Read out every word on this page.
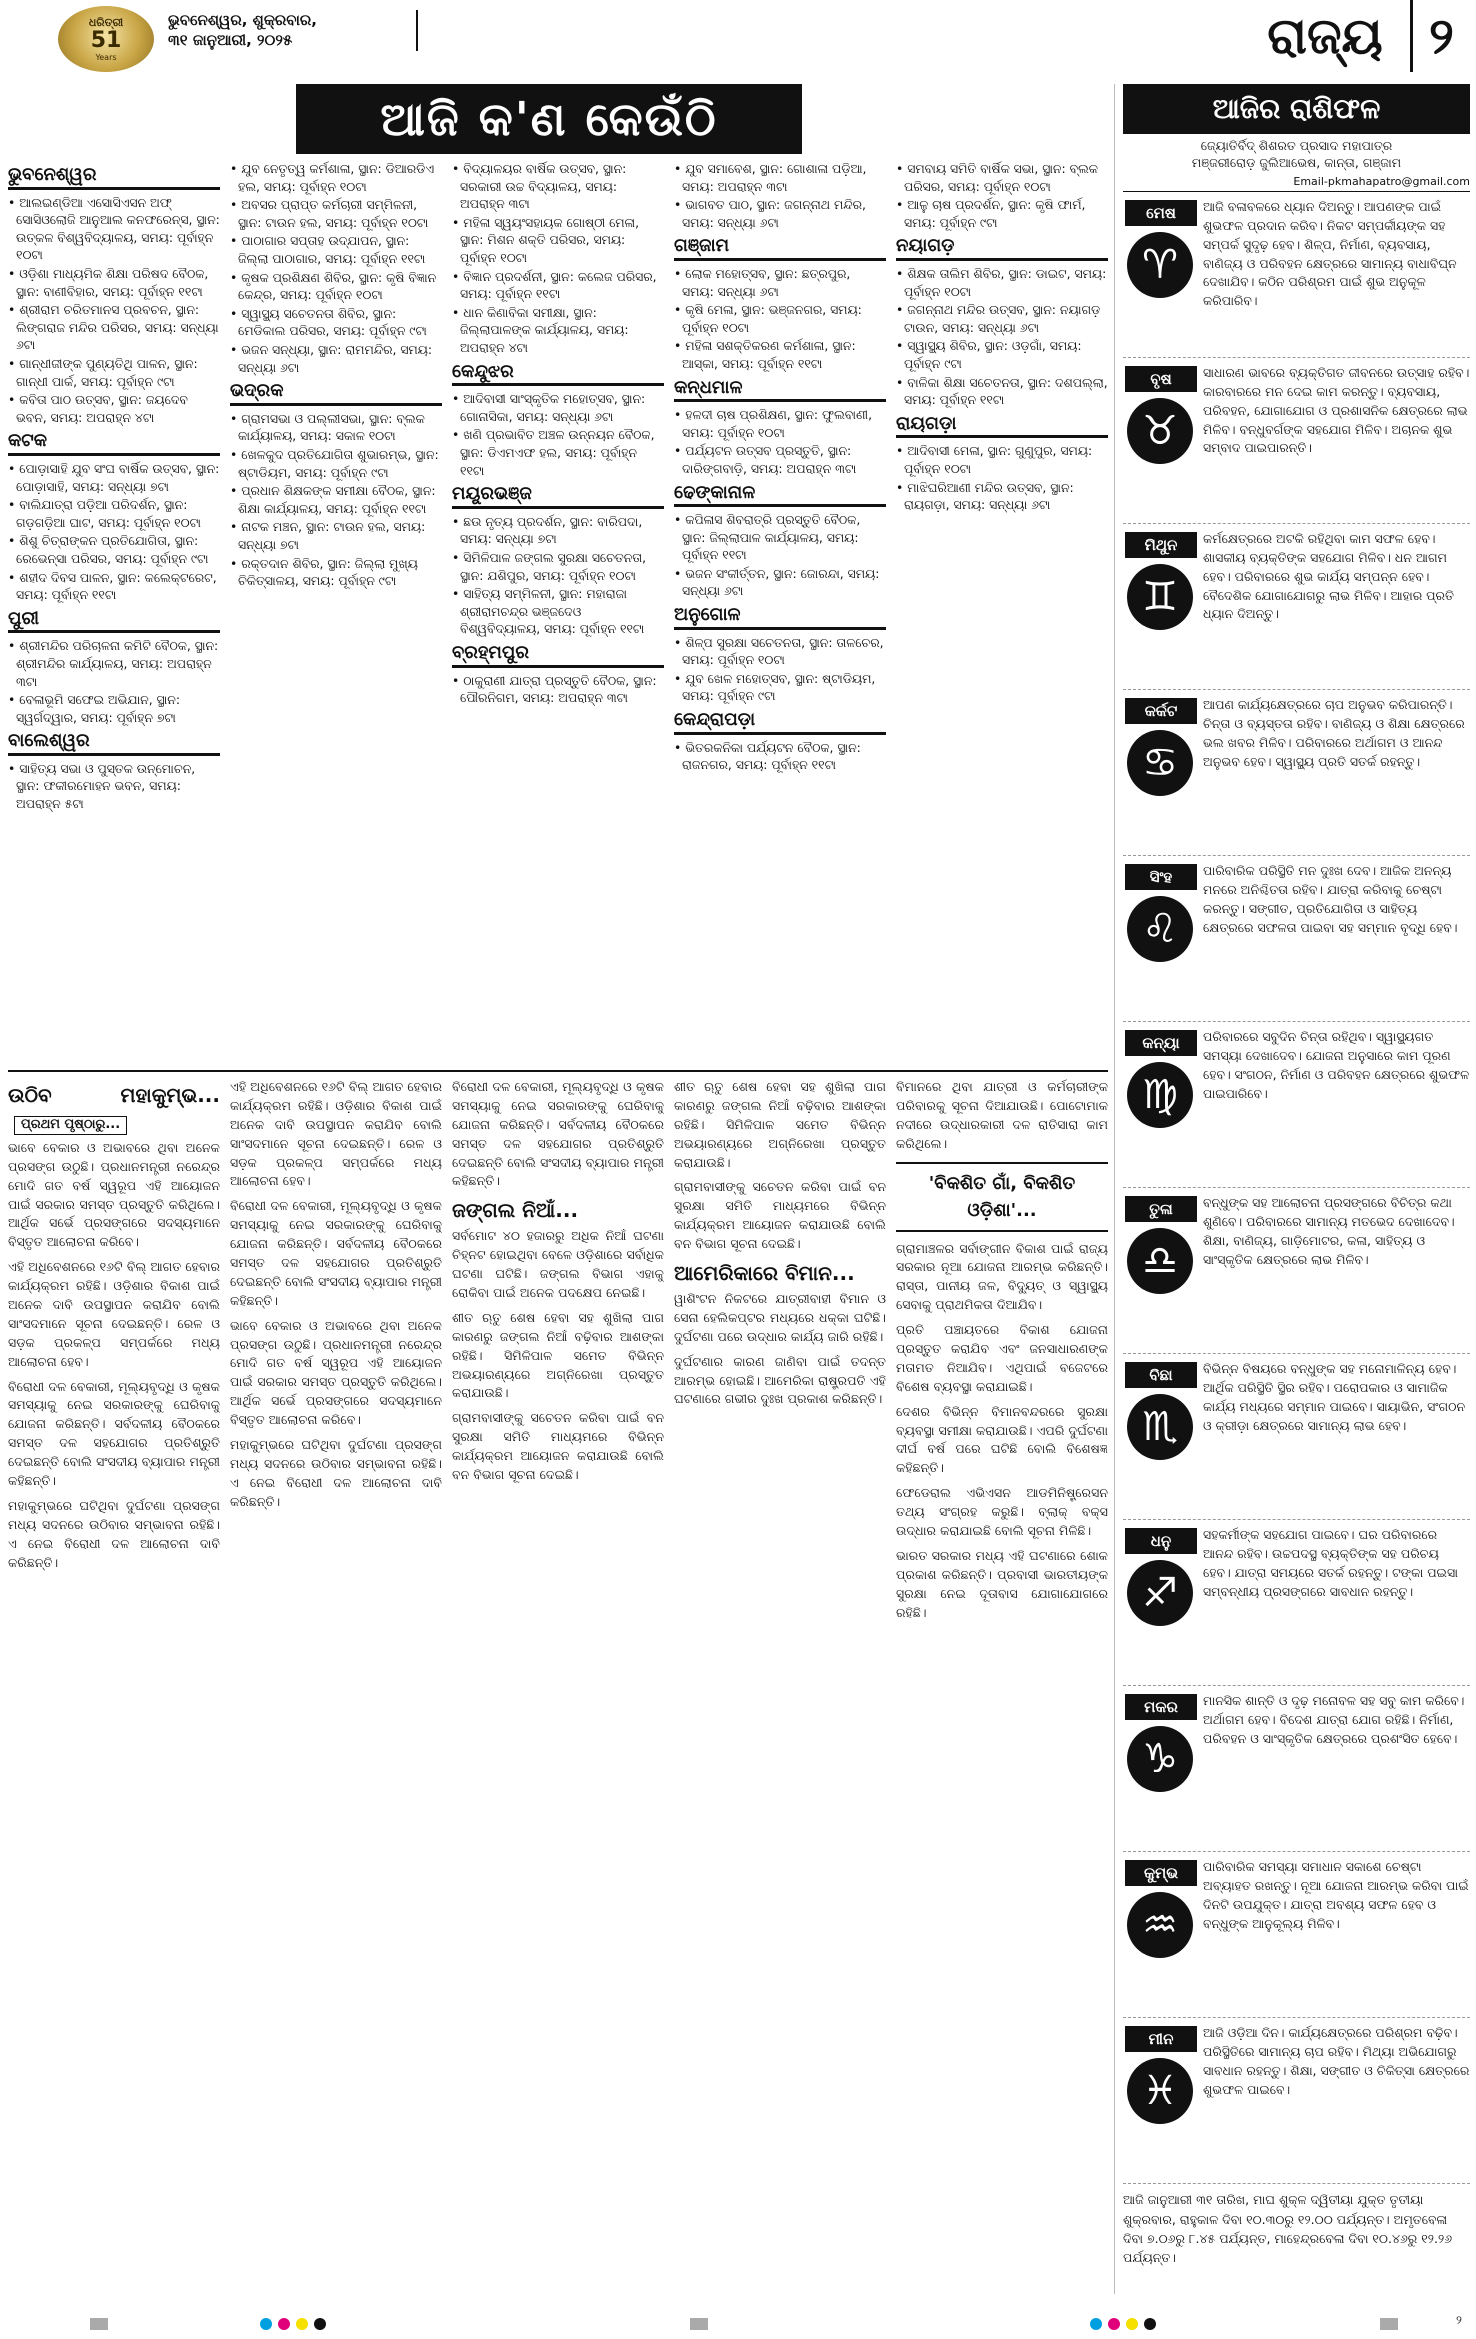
ଧରିତ୍ରୀ
51
Years
ଭୁବନେଶ୍ୱର, ଶୁକ୍ରବାର,
୩୧ ଜାନୁଆରୀ, ୨୦୨୫	ରାଜ୍ୟ ୨
ଆଜି କ'ଣ କେଉଁଠି
ଭୁବନେଶ୍ୱର
• ଆଲଇଣ୍ଡିଆ ଏସୋସିଏସନ ଅଫ୍ ସୋସିଓଲୋଜି ଆନୁଆଲ କନଫରେନ୍ସ, ସ୍ଥାନ: ଉତ୍କଳ ବିଶ୍ୱବିଦ୍ୟାଳୟ, ସମୟ: ପୂର୍ବାହ୍ନ ୧୦ଟା
• ଓଡ଼ିଶା ମାଧ୍ୟମିକ ଶିକ୍ଷା ପରିଷଦ ବୈଠକ, ସ୍ଥାନ: ବାଣୀବିହାର, ସମୟ: ପୂର୍ବାହ୍ନ ୧୧ଟା
• ଶ୍ରୀରାମ ଚରିତମାନସ ପ୍ରବଚନ, ସ୍ଥାନ: ଲିଙ୍ଗରାଜ ମନ୍ଦିର ପରିସର, ସମୟ: ସନ୍ଧ୍ୟା ୬ଟା
• ଗାନ୍ଧୀଜୀଙ୍କ ପୁଣ୍ୟତିଥି ପାଳନ, ସ୍ଥାନ: ଗାନ୍ଧୀ ପାର୍କ, ସମୟ: ପୂର୍ବାହ୍ନ ୯ଟା
• କବିତା ପାଠ ଉତ୍ସବ, ସ୍ଥାନ: ଜୟଦେବ ଭବନ, ସମୟ: ଅପରାହ୍ନ ୪ଟା
କଟକ
• ପୋଡ଼ାସାହି ଯୁବ ସଂଘ ବାର୍ଷିକ ଉତ୍ସବ, ସ୍ଥାନ: ପୋଡ଼ାସାହି, ସମୟ: ସନ୍ଧ୍ୟା ୭ଟା
• ବାଲିଯାତ୍ରା ପଡ଼ିଆ ପରିଦର୍ଶନ, ସ୍ଥାନ: ଗଡ଼ଗଡ଼ିଆ ଘାଟ, ସମୟ: ପୂର୍ବାହ୍ନ ୧୦ଟା
• ଶିଶୁ ଚିତ୍ରାଙ୍କନ ପ୍ରତିଯୋଗିତା, ସ୍ଥାନ: ରେଭେନ୍ସା ପରିସର, ସମୟ: ପୂର୍ବାହ୍ନ ୯ଟା
• ଶହୀଦ ଦିବସ ପାଳନ, ସ୍ଥାନ: କଲେକ୍ଟରେଟ, ସମୟ: ପୂର୍ବାହ୍ନ ୧୧ଟା
ପୁରୀ
• ଶ୍ରୀମନ୍ଦିର ପରିଚାଳନା କମିଟି ବୈଠକ, ସ୍ଥାନ: ଶ୍ରୀମନ୍ଦିର କାର୍ଯ୍ୟାଳୟ, ସମୟ: ଅପରାହ୍ନ ୩ଟା
• ବେଳାଭୂମି ସଫେଇ ଅଭିଯାନ, ସ୍ଥାନ: ସ୍ୱର୍ଗଦ୍ୱାର, ସମୟ: ପୂର୍ବାହ୍ନ ୭ଟା
ବାଲେଶ୍ୱର
• ସାହିତ୍ୟ ସଭା ଓ ପୁସ୍ତକ ଉନ୍ମୋଚନ, ସ୍ଥାନ: ଫକୀରମୋହନ ଭବନ, ସମୟ: ଅପରାହ୍ନ ୫ଟା
• ଯୁବ ନେତୃତ୍ୱ କର୍ମଶାଳା, ସ୍ଥାନ: ଡିଆରଡିଏ ହଲ, ସମୟ: ପୂର୍ବାହ୍ନ ୧୦ଟା
• ଅବସର ପ୍ରାପ୍ତ କର୍ମଚାରୀ ସମ୍ମିଳନୀ, ସ୍ଥାନ: ଟାଉନ ହଲ, ସମୟ: ପୂର୍ବାହ୍ନ ୧୦ଟା
• ପାଠାଗାର ସପ୍ତାହ ଉଦ୍‌ଯାପନ, ସ୍ଥାନ: ଜିଲ୍ଲା ପାଠାଗାର, ସମୟ: ପୂର୍ବାହ୍ନ ୧୧ଟା
• କୃଷକ ପ୍ରଶିକ୍ଷଣ ଶିବିର, ସ୍ଥାନ: କୃଷି ବିଜ୍ଞାନ କେନ୍ଦ୍ର, ସମୟ: ପୂର୍ବାହ୍ନ ୧୦ଟା
• ସ୍ୱାସ୍ଥ୍ୟ ସଚେତନତା ଶିବିର, ସ୍ଥାନ: ମେଡିକାଲ ପରିସର, ସମୟ: ପୂର୍ବାହ୍ନ ୯ଟା
• ଭଜନ ସନ୍ଧ୍ୟା, ସ୍ଥାନ: ରାମମନ୍ଦିର, ସମୟ: ସନ୍ଧ୍ୟା ୬ଟା
ଭଦ୍ରକ
• ଗ୍ରାମସଭା ଓ ପଲ୍ଲୀସଭା, ସ୍ଥାନ: ବ୍ଲକ କାର୍ଯ୍ୟାଳୟ, ସମୟ: ସକାଳ ୧୦ଟା
• ଖେଳକୁଦ ପ୍ରତିଯୋଗିତା ଶୁଭାରମ୍ଭ, ସ୍ଥାନ: ଷ୍ଟାଡିୟମ, ସମୟ: ପୂର୍ବାହ୍ନ ୯ଟା
• ପ୍ରଧାନ ଶିକ୍ଷକଙ୍କ ସମୀକ୍ଷା ବୈଠକ, ସ୍ଥାନ: ଶିକ୍ଷା କାର୍ଯ୍ୟାଳୟ, ସମୟ: ପୂର୍ବାହ୍ନ ୧୧ଟା
• ନାଟକ ମଞ୍ଚନ, ସ୍ଥାନ: ଟାଉନ ହଲ, ସମୟ: ସନ୍ଧ୍ୟା ୭ଟା
• ରକ୍ତଦାନ ଶିବିର, ସ୍ଥାନ: ଜିଲ୍ଲା ମୁଖ୍ୟ ଚିକିତ୍ସାଳୟ, ସମୟ: ପୂର୍ବାହ୍ନ ୯ଟା
• ବିଦ୍ୟାଳୟର ବାର୍ଷିକ ଉତ୍ସବ, ସ୍ଥାନ: ସରକାରୀ ଉଚ୍ଚ ବିଦ୍ୟାଳୟ, ସମୟ: ଅପରାହ୍ନ ୩ଟା
• ମହିଳା ସ୍ୱୟଂସହାୟକ ଗୋଷ୍ଠୀ ମେଳା, ସ୍ଥାନ: ମିଶନ ଶକ୍ତି ପରିସର, ସମୟ: ପୂର୍ବାହ୍ନ ୧୦ଟା
• ବିଜ୍ଞାନ ପ୍ରଦର୍ଶନୀ, ସ୍ଥାନ: କଲେଜ ପରିସର, ସମୟ: ପୂର୍ବାହ୍ନ ୧୧ଟା
• ଧାନ କିଣାବିକା ସମୀକ୍ଷା, ସ୍ଥାନ: ଜିଲ୍ଲାପାଳଙ୍କ କାର୍ଯ୍ୟାଳୟ, ସମୟ: ଅପରାହ୍ନ ୪ଟା
କେନ୍ଦୁଝର
• ଆଦିବାସୀ ସାଂସ୍କୃତିକ ମହୋତ୍ସବ, ସ୍ଥାନ: ଗୋନାସିକା, ସମୟ: ସନ୍ଧ୍ୟା ୬ଟା
• ଖଣି ପ୍ରଭାବିତ ଅଞ୍ଚଳ ଉନ୍ନୟନ ବୈଠକ, ସ୍ଥାନ: ଡିଏମଏଫ ହଲ, ସମୟ: ପୂର୍ବାହ୍ନ ୧୧ଟା
ମୟୂରଭଞ୍ଜ
• ଛଉ ନୃତ୍ୟ ପ୍ରଦର୍ଶନ, ସ୍ଥାନ: ବାରିପଦା, ସମୟ: ସନ୍ଧ୍ୟା ୭ଟା
• ସିମିଳିପାଳ ଜଙ୍ଗଲ ସୁରକ୍ଷା ସଚେତନତା, ସ୍ଥାନ: ଯଶିପୁର, ସମୟ: ପୂର୍ବାହ୍ନ ୧୦ଟା
• ସାହିତ୍ୟ ସମ୍ମିଳନୀ, ସ୍ଥାନ: ମହାରାଜା ଶ୍ରୀରାମଚନ୍ଦ୍ର ଭଞ୍ଜଦେଓ ବିଶ୍ୱବିଦ୍ୟାଳୟ, ସମୟ: ପୂର୍ବାହ୍ନ ୧୧ଟା
ବ୍ରହ୍ମପୁର
• ଠାକୁରାଣୀ ଯାତ୍ରା ପ୍ରସ୍ତୁତି ବୈଠକ, ସ୍ଥାନ: ପୌରନିଗମ, ସମୟ: ଅପରାହ୍ନ ୩ଟା
• ଯୁବ ସମାବେଶ, ସ୍ଥାନ: ଗୋଶାଳା ପଡ଼ିଆ, ସମୟ: ଅପରାହ୍ନ ୩ଟା
• ଭାଗବତ ପାଠ, ସ୍ଥାନ: ଜଗନ୍ନାଥ ମନ୍ଦିର, ସମୟ: ସନ୍ଧ୍ୟା ୬ଟା
ଗଞ୍ଜାମ
• ଲୋକ ମହୋତ୍ସବ, ସ୍ଥାନ: ଛତ୍ରପୁର, ସମୟ: ସନ୍ଧ୍ୟା ୬ଟା
• କୃଷି ମେଳା, ସ୍ଥାନ: ଭଞ୍ଜନଗର, ସମୟ: ପୂର୍ବାହ୍ନ ୧୦ଟା
• ମହିଳା ସଶକ୍ତିକରଣ କର୍ମଶାଳା, ସ୍ଥାନ: ଆସ୍କା, ସମୟ: ପୂର୍ବାହ୍ନ ୧୧ଟା
କନ୍ଧମାଳ
• ହଳଦୀ ଚାଷ ପ୍ରଶିକ୍ଷଣ, ସ୍ଥାନ: ଫୁଲବାଣୀ, ସମୟ: ପୂର୍ବାହ୍ନ ୧୦ଟା
• ପର୍ଯ୍ୟଟନ ଉତ୍ସବ ପ୍ରସ୍ତୁତି, ସ୍ଥାନ: ଦାରିଙ୍ଗବାଡ଼ି, ସମୟ: ଅପରାହ୍ନ ୩ଟା
ଢେଙ୍କାନାଳ
• କପିଳାସ ଶିବରାତ୍ରି ପ୍ରସ୍ତୁତି ବୈଠକ, ସ୍ଥାନ: ଜିଲ୍ଲାପାଳ କାର୍ଯ୍ୟାଳୟ, ସମୟ: ପୂର୍ବାହ୍ନ ୧୧ଟା
• ଭଜନ ସଂକୀର୍ତ୍ତନ, ସ୍ଥାନ: ଜୋରନ୍ଦା, ସମୟ: ସନ୍ଧ୍ୟା ୬ଟା
ଅନୁଗୋଳ
• ଶିଳ୍ପ ସୁରକ୍ଷା ସଚେତନତା, ସ୍ଥାନ: ତାଳଚେର, ସମୟ: ପୂର୍ବାହ୍ନ ୧୦ଟା
• ଯୁବ ଖେଳ ମହୋତ୍ସବ, ସ୍ଥାନ: ଷ୍ଟାଡିୟମ, ସମୟ: ପୂର୍ବାହ୍ନ ୯ଟା
କେନ୍ଦ୍ରାପଡ଼ା
• ଭିତରକନିକା ପର୍ଯ୍ୟଟନ ବୈଠକ, ସ୍ଥାନ: ରାଜନଗର, ସମୟ: ପୂର୍ବାହ୍ନ ୧୧ଟା
• ସମବାୟ ସମିତି ବାର୍ଷିକ ସଭା, ସ୍ଥାନ: ବ୍ଲକ ପରିସର, ସମୟ: ପୂର୍ବାହ୍ନ ୧୦ଟା
• ଆଳୁ ଚାଷ ପ୍ରଦର୍ଶନ, ସ୍ଥାନ: କୃଷି ଫାର୍ମ, ସମୟ: ପୂର୍ବାହ୍ନ ୯ଟା
ନୟାଗଡ଼
• ଶିକ୍ଷକ ତାଲିମ ଶିବିର, ସ୍ଥାନ: ଡାଇଟ, ସମୟ: ପୂର୍ବାହ୍ନ ୧୦ଟା
• ଜଗନ୍ନାଥ ମନ୍ଦିର ଉତ୍ସବ, ସ୍ଥାନ: ନୟାଗଡ଼ ଟାଉନ, ସମୟ: ସନ୍ଧ୍ୟା ୬ଟା
• ସ୍ୱାସ୍ଥ୍ୟ ଶିବିର, ସ୍ଥାନ: ଓଡ଼ଗାଁ, ସମୟ: ପୂର୍ବାହ୍ନ ୯ଟା
• ବାଳିକା ଶିକ୍ଷା ସଚେତନତା, ସ୍ଥାନ: ଦଶପଲ୍ଲା, ସମୟ: ପୂର୍ବାହ୍ନ ୧୧ଟା
ରାୟଗଡ଼ା
• ଆଦିବାସୀ ମେଳା, ସ୍ଥାନ: ଗୁଣୁପୁର, ସମୟ: ପୂର୍ବାହ୍ନ ୧୦ଟା
• ମାଝିଘରିଆଣୀ ମନ୍ଦିର ଉତ୍ସବ, ସ୍ଥାନ: ରାୟଗଡ଼ା, ସମୟ: ସନ୍ଧ୍ୟା ୬ଟା
ଉଠିବ ମହାକୁମ୍ଭ... ପ୍ରଥମ ପୃଷ୍ଠାରୁ...

ଭାବେ ବେକାର ଓ ଅଭାବରେ ଥିବା ଅନେକ ପ୍ରସଙ୍ଗ ଉଠୁଛି। ପ୍ରଧାନମନ୍ତ୍ରୀ ନରେନ୍ଦ୍ର ମୋଦି ଗତ ବର୍ଷ ସ୍ୱରୂପ ଏହି ଆୟୋଜନ ପାଇଁ ସରକାର ସମସ୍ତ ପ୍ରସ୍ତୁତି କରିଥିଲେ। ଆର୍ଥିକ ସର୍ଭେ ପ୍ରସଙ୍ଗରେ ସଦସ୍ୟମାନେ ବିସ୍ତୃତ ଆଲୋଚନା କରିବେ।

ଏହି ଅଧିବେଶନରେ ୧୬ଟି ବିଲ୍ ଆଗତ ହେବାର କାର୍ଯ୍ୟକ୍ରମ ରହିଛି। ଓଡ଼ିଶାର ବିକାଶ ପାଇଁ ଅନେକ ଦାବି ଉପସ୍ଥାପନ କରାଯିବ ବୋଲି ସାଂସଦମାନେ ସୂଚନା ଦେଇଛନ୍ତି। ରେଳ ଓ ସଡ଼କ ପ୍ରକଳ୍ପ ସମ୍ପର୍କରେ ମଧ୍ୟ ଆଲୋଚନା ହେବ।

ବିରୋଧୀ ଦଳ ବେକାରୀ, ମୂଲ୍ୟବୃଦ୍ଧି ଓ କୃଷକ ସମସ୍ୟାକୁ ନେଇ ସରକାରଙ୍କୁ ଘେରିବାକୁ ଯୋଜନା କରିଛନ୍ତି। ସର୍ବଦଳୀୟ ବୈଠକରେ ସମସ୍ତ ଦଳ ସହଯୋଗର ପ୍ରତିଶ୍ରୁତି ଦେଇଛନ୍ତି ବୋଲି ସଂସଦୀୟ ବ୍ୟାପାର ମନ୍ତ୍ରୀ କହିଛନ୍ତି।

ମହାକୁମ୍ଭରେ ଘଟିଥିବା ଦୁର୍ଘଟଣା ପ୍ରସଙ୍ଗ ମଧ୍ୟ ସଦନରେ ଉଠିବାର ସମ୍ଭାବନା ରହିଛି। ଏ ନେଇ ବିରୋଧୀ ଦଳ ଆଲୋଚନା ଦାବି କରିଛନ୍ତି।

ଏହି ଅଧିବେଶନରେ ୧୬ଟି ବିଲ୍ ଆଗତ ହେବାର କାର୍ଯ୍ୟକ୍ରମ ରହିଛି। ଓଡ଼ିଶାର ବିକାଶ ପାଇଁ ଅନେକ ଦାବି ଉପସ୍ଥାପନ କରାଯିବ ବୋଲି ସାଂସଦମାନେ ସୂଚନା ଦେଇଛନ୍ତି। ରେଳ ଓ ସଡ଼କ ପ୍ରକଳ୍ପ ସମ୍ପର୍କରେ ମଧ୍ୟ ଆଲୋଚନା ହେବ।

ବିରୋଧୀ ଦଳ ବେକାରୀ, ମୂଲ୍ୟବୃଦ୍ଧି ଓ କୃଷକ ସମସ୍ୟାକୁ ନେଇ ସରକାରଙ୍କୁ ଘେରିବାକୁ ଯୋଜନା କରିଛନ୍ତି। ସର୍ବଦଳୀୟ ବୈଠକରେ ସମସ୍ତ ଦଳ ସହଯୋଗର ପ୍ରତିଶ୍ରୁତି ଦେଇଛନ୍ତି ବୋଲି ସଂସଦୀୟ ବ୍ୟାପାର ମନ୍ତ୍ରୀ କହିଛନ୍ତି।

ଭାବେ ବେକାର ଓ ଅଭାବରେ ଥିବା ଅନେକ ପ୍ରସଙ୍ଗ ଉଠୁଛି। ପ୍ରଧାନମନ୍ତ୍ରୀ ନରେନ୍ଦ୍ର ମୋଦି ଗତ ବର୍ଷ ସ୍ୱରୂପ ଏହି ଆୟୋଜନ ପାଇଁ ସରକାର ସମସ୍ତ ପ୍ରସ୍ତୁତି କରିଥିଲେ। ଆର୍ଥିକ ସର୍ଭେ ପ୍ରସଙ୍ଗରେ ସଦସ୍ୟମାନେ ବିସ୍ତୃତ ଆଲୋଚନା କରିବେ।

ମହାକୁମ୍ଭରେ ଘଟିଥିବା ଦୁର୍ଘଟଣା ପ୍ରସଙ୍ଗ ମଧ୍ୟ ସଦନରେ ଉଠିବାର ସମ୍ଭାବନା ରହିଛି। ଏ ନେଇ ବିରୋଧୀ ଦଳ ଆଲୋଚନା ଦାବି କରିଛନ୍ତି।

ବିରୋଧୀ ଦଳ ବେକାରୀ, ମୂଲ୍ୟବୃଦ୍ଧି ଓ କୃଷକ ସମସ୍ୟାକୁ ନେଇ ସରକାରଙ୍କୁ ଘେରିବାକୁ ଯୋଜନା କରିଛନ୍ତି। ସର୍ବଦଳୀୟ ବୈଠକରେ ସମସ୍ତ ଦଳ ସହଯୋଗର ପ୍ରତିଶ୍ରୁତି ଦେଇଛନ୍ତି ବୋଲି ସଂସଦୀୟ ବ୍ୟାପାର ମନ୍ତ୍ରୀ କହିଛନ୍ତି।

ଜଙ୍ଗଲ ନିଆଁ...

ସର୍ବମୋଟ ୪୦ ହଜାରରୁ ଅଧିକ ନିଆଁ ଘଟଣା ଚିହ୍ନଟ ହୋଇଥିବା ବେଳେ ଓଡ଼ିଶାରେ ସର୍ବାଧିକ ଘଟଣା ଘଟିଛି। ଜଙ୍ଗଲ ବିଭାଗ ଏହାକୁ ରୋକିବା ପାଇଁ ଅନେକ ପଦକ୍ଷେପ ନେଇଛି।

ଶୀତ ଋତୁ ଶେଷ ହେବା ସହ ଶୁଖିଲା ପାଗ କାରଣରୁ ଜଙ୍ଗଲ ନିଆଁ ବଢ଼ିବାର ଆଶଙ୍କା ରହିଛି। ସିମିଳିପାଳ ସମେତ ବିଭିନ୍ନ ଅଭୟାରଣ୍ୟରେ ଅଗ୍ନିରେଖା ପ୍ରସ୍ତୁତ କରାଯାଉଛି।

ଗ୍ରାମବାସୀଙ୍କୁ ସଚେତନ କରିବା ପାଇଁ ବନ ସୁରକ୍ଷା ସମିତି ମାଧ୍ୟମରେ ବିଭିନ୍ନ କାର୍ଯ୍ୟକ୍ରମ ଆୟୋଜନ କରାଯାଉଛି ବୋଲି ବନ ବିଭାଗ ସୂଚନା ଦେଇଛି।

ଶୀତ ଋତୁ ଶେଷ ହେବା ସହ ଶୁଖିଲା ପାଗ କାରଣରୁ ଜଙ୍ଗଲ ନିଆଁ ବଢ଼ିବାର ଆଶଙ୍କା ରହିଛି। ସିମିଳିପାଳ ସମେତ ବିଭିନ୍ନ ଅଭୟାରଣ୍ୟରେ ଅଗ୍ନିରେଖା ପ୍ରସ୍ତୁତ କରାଯାଉଛି।

ଗ୍ରାମବାସୀଙ୍କୁ ସଚେତନ କରିବା ପାଇଁ ବନ ସୁରକ୍ଷା ସମିତି ମାଧ୍ୟମରେ ବିଭିନ୍ନ କାର୍ଯ୍ୟକ୍ରମ ଆୟୋଜନ କରାଯାଉଛି ବୋଲି ବନ ବିଭାଗ ସୂଚନା ଦେଇଛି।

ଆମେରିକାରେ ବିମାନ...

ୱାଶିଂଟନ ନିକଟରେ ଯାତ୍ରୀବାହୀ ବିମାନ ଓ ସେନା ହେଲିକପ୍ଟର ମଧ୍ୟରେ ଧକ୍କା ଘଟିଛି। ଦୁର୍ଘଟଣା ପରେ ଉଦ୍ଧାର କାର୍ଯ୍ୟ ଜାରି ରହିଛି।

ଦୁର୍ଘଟଣାର କାରଣ ଜାଣିବା ପାଇଁ ତଦନ୍ତ ଆରମ୍ଭ ହୋଇଛି। ଆମେରିକା ରାଷ୍ଟ୍ରପତି ଏହି ଘଟଣାରେ ଗଭୀର ଦୁଃଖ ପ୍ରକାଶ କରିଛନ୍ତି।

ବିମାନରେ ଥିବା ଯାତ୍ରୀ ଓ କର୍ମଚାରୀଙ୍କ ପରିବାରକୁ ସୂଚନା ଦିଆଯାଉଛି। ପୋଟୋମାକ ନଦୀରେ ଉଦ୍ଧାରକାରୀ ଦଳ ରାତିସାରା କାମ କରିଥିଲେ।

'ବିକଶିତ ଗାଁ, ବିକଶିତ ଓଡ଼ିଶା'...

ଗ୍ରାମାଞ୍ଚଳର ସର୍ବାଙ୍ଗୀନ ବିକାଶ ପାଇଁ ରାଜ୍ୟ ସରକାର ନୂଆ ଯୋଜନା ଆରମ୍ଭ କରିଛନ୍ତି। ରାସ୍ତା, ପାନୀୟ ଜଳ, ବିଦ୍ୟୁତ୍ ଓ ସ୍ୱାସ୍ଥ୍ୟ ସେବାକୁ ପ୍ରାଥମିକତା ଦିଆଯିବ।

ପ୍ରତି ପଞ୍ଚାୟତରେ ବିକାଶ ଯୋଜନା ପ୍ରସ୍ତୁତ କରାଯିବ ଏବଂ ଜନସାଧାରଣଙ୍କ ମତାମତ ନିଆଯିବ। ଏଥିପାଇଁ ବଜେଟରେ ବିଶେଷ ବ୍ୟବସ୍ଥା କରାଯାଇଛି।

ଦେଶର ବିଭିନ୍ନ ବିମାନବନ୍ଦରରେ ସୁରକ୍ଷା ବ୍ୟବସ୍ଥା ସମୀକ୍ଷା କରାଯାଉଛି। ଏପରି ଦୁର୍ଘଟଣା ଦୀର୍ଘ ବର୍ଷ ପରେ ଘଟିଛି ବୋଲି ବିଶେଷଜ୍ଞ କହିଛନ୍ତି।

ଫେଡେରାଲ ଏଭିଏସନ ଆଡମିନିଷ୍ଟ୍ରେସନ ତଥ୍ୟ ସଂଗ୍ରହ କରୁଛି। ବ୍ଲାକ୍ ବକ୍ସ ଉଦ୍ଧାର କରାଯାଇଛି ବୋଲି ସୂଚନା ମିଳିଛି।

ଭାରତ ସରକାର ମଧ୍ୟ ଏହି ଘଟଣାରେ ଶୋକ ପ୍ରକାଶ କରିଛନ୍ତି। ପ୍ରବାସୀ ଭାରତୀୟଙ୍କ ସୁରକ୍ଷା ନେଇ ଦୂତାବାସ ଯୋଗାଯୋଗରେ ରହିଛି।

ଆଜିର ରାଶିଫଳ
ଜ୍ୟୋତିର୍ବିଦ୍ ଶିଶରତ ପ୍ରସାଦ ମହାପାତ୍ର
ମଞ୍ଜରୀରୋଡ଼ ଜୁଲିଆଭେଷ, କାନ୍ତା, ଗଞ୍ଜାମ
Email-pkmahapatro@gmail.com
ମେଷ
♈
ଆଜି ବଳାବଳରେ ଧ୍ୟାନ ଦିଅନ୍ତୁ। ଆପଣଙ୍କ ପାଇଁ ଶୁଭଫଳ ପ୍ରଦାନ କରିବ। ନିକଟ ସମ୍ପର୍କୀୟଙ୍କ ସହ ସମ୍ପର୍କ ସୁଦୃଢ଼ ହେବ। ଶିଳ୍ପ, ନିର୍ମାଣ, ବ୍ୟବସାୟ, ବାଣିଜ୍ୟ ଓ ପରିବହନ କ୍ଷେତ୍ରରେ ସାମାନ୍ୟ ବାଧାବିଘ୍ନ ଦେଖାଯିବ। କଠିନ ପରିଶ୍ରମ ପାଇଁ ଶୁଭ ଅନୁକୂଳ କରିପାରିବ।
ବୃଷ
♉
ସାଧାରଣ ଭାବରେ ବ୍ୟକ୍ତିଗତ ଜୀବନରେ ଉତ୍ସାହ ରହିବ। କାରବାରରେ ମନ ଦେଇ କାମ କରନ୍ତୁ। ବ୍ୟବସାୟ, ପରିବହନ, ଯୋଗାଯୋଗ ଓ ପ୍ରଶାସନିକ କ୍ଷେତ୍ରରେ ଲାଭ ମିଳିବ। ବନ୍ଧୁବର୍ଗଙ୍କ ସହଯୋଗ ମିଳିବ। ଅଚାନକ ଶୁଭ ସମ୍ବାଦ ପାଇପାରନ୍ତି।
ମିଥୁନ
♊
କର୍ମକ୍ଷେତ୍ରରେ ଅଟକି ରହିଥିବା କାମ ସଫଳ ହେବ। ଶାସକୀୟ ବ୍ୟକ୍ତିଙ୍କ ସହଯୋଗ ମିଳିବ। ଧନ ଆଗମ ହେବ। ପରିବାରରେ ଶୁଭ କାର୍ଯ୍ୟ ସମ୍ପନ୍ନ ହେବ। ବୈଦେଶିକ ଯୋଗାଯୋଗରୁ ଲାଭ ମିଳିବ। ଆହାର ପ୍ରତି ଧ୍ୟାନ ଦିଅନ୍ତୁ।
କର୍କଟ
♋
ଆପଣ କାର୍ଯ୍ୟକ୍ଷେତ୍ରରେ ଚାପ ଅନୁଭବ କରିପାରନ୍ତି। ଚିନ୍ତା ଓ ବ୍ୟସ୍ତତା ରହିବ। ବାଣିଜ୍ୟ ଓ ଶିକ୍ଷା କ୍ଷେତ୍ରରେ ଭଲ ଖବର ମିଳିବ। ପରିବାରରେ ଅର୍ଥାଗମ ଓ ଆନନ୍ଦ ଅନୁଭବ ହେବ। ସ୍ୱାସ୍ଥ୍ୟ ପ୍ରତି ସତର୍କ ରହନ୍ତୁ।
ସିଂହ
♌
ପାରିବାରିକ ପରିସ୍ଥିତି ମନ ଦୁଃଖ ଦେବ। ଆଜିକ ଅନନ୍ୟ ମନରେ ଅନିଶ୍ଚିତତା ରହିବ। ଯାତ୍ରା କରିବାକୁ ଚେଷ୍ଟା କରନ୍ତୁ। ସଙ୍ଗୀତ, ପ୍ରତିଯୋଗିତା ଓ ସାହିତ୍ୟ କ୍ଷେତ୍ରରେ ସଫଳତା ପାଇବା ସହ ସମ୍ମାନ ବୃଦ୍ଧି ହେବ।
କନ୍ୟା
♍
ପରିବାରରେ ସବୁଦିନ ଚିନ୍ତା ରହିଥିବ। ସ୍ୱାସ୍ଥ୍ୟଗତ ସମସ୍ୟା ଦେଖାଦେବ। ଯୋଜନା ଅନୁସାରେ କାମ ପୂରଣ ହେବ। ସଂଗଠନ, ନିର୍ମାଣ ଓ ପରିବହନ କ୍ଷେତ୍ରରେ ଶୁଭଫଳ ପାଇପାରିବେ।
ତୁଳା
♎
ବନ୍ଧୁଙ୍କ ସହ ଆଲୋଚନା ପ୍ରସଙ୍ଗରେ ବିଚିତ୍ର କଥା ଶୁଣିବେ। ପରିବାରରେ ସାମାନ୍ୟ ମତଭେଦ ଦେଖାଦେବ। ଶିକ୍ଷା, ବାଣିଜ୍ୟ, ଗାଡ଼ିମୋଟର, କଳା, ସାହିତ୍ୟ ଓ ସାଂସ୍କୃତିକ କ୍ଷେତ୍ରରେ ଲାଭ ମିଳିବ।
ବିଛା
♏
ବିଭିନ୍ନ ବିଷୟରେ ବନ୍ଧୁଙ୍କ ସହ ମନୋମାଳିନ୍ୟ ହେବ। ଆର୍ଥିକ ପରିସ୍ଥିତି ସ୍ଥିର ରହିବ। ପରୋପକାର ଓ ସାମାଜିକ କାର୍ଯ୍ୟ ମଧ୍ୟରେ ସମ୍ମାନ ପାଇବେ। ସାୟାଭିନ, ସଂଗଠନ ଓ କ୍ରୀଡ଼ା କ୍ଷେତ୍ରରେ ସାମାନ୍ୟ ଲାଭ ହେବ।
ଧନୁ
♐
ସହକର୍ମୀଙ୍କ ସହଯୋଗ ପାଇବେ। ଘର ପରିବାରରେ ଆନନ୍ଦ ରହିବ। ଉଚ୍ଚପଦସ୍ଥ ବ୍ୟକ୍ତିଙ୍କ ସହ ପରିଚୟ ହେବ। ଯାତ୍ରା ସମୟରେ ସତର୍କ ରହନ୍ତୁ। ଟଙ୍କା ପଇସା ସମ୍ବନ୍ଧୀୟ ପ୍ରସଙ୍ଗରେ ସାବଧାନ ରହନ୍ତୁ।
ମକର
♑
ମାନସିକ ଶାନ୍ତି ଓ ଦୃଢ଼ ମନୋବଳ ସହ ସବୁ କାମ କରିବେ। ଅର୍ଥାଗମ ହେବ। ବିଦେଶ ଯାତ୍ରା ଯୋଗ ରହିଛି। ନିର୍ମାଣ, ପରିବହନ ଓ ସାଂସ୍କୃତିକ କ୍ଷେତ୍ରରେ ପ୍ରଶଂସିତ ହେବେ।
କୁମ୍ଭ
♒
ପାରିବାରିକ ସମସ୍ୟା ସମାଧାନ ସକାଶେ ଚେଷ୍ଟା ଅବ୍ୟାହତ ରଖନ୍ତୁ। ନୂଆ ଯୋଜନା ଆରମ୍ଭ କରିବା ପାଇଁ ଦିନଟି ଉପଯୁକ୍ତ। ଯାତ୍ରା ଅବଶ୍ୟ ସଫଳ ହେବ ଓ ବନ୍ଧୁଙ୍କ ଆନୁକୂଲ୍ୟ ମିଳିବ।
ମୀନ
♓
ଆଜି ଓଡ଼ିଆ ଦିନ। କାର୍ଯ୍ୟକ୍ଷେତ୍ରରେ ପରିଶ୍ରମ ବଢ଼ିବ। ପରିସ୍ଥିତିରେ ସାମାନ୍ୟ ଚାପ ରହିବ। ମିଥ୍ୟା ଅଭିଯୋଗରୁ ସାବଧାନ ରହନ୍ତୁ। ଶିକ୍ଷା, ସଙ୍ଗୀତ ଓ ଚିକିତ୍ସା କ୍ଷେତ୍ରରେ ଶୁଭଫଳ ପାଇବେ।
ଆଜି ଜାନୁଆରୀ ୩୧ ତାରିଖ, ମାଘ ଶୁକ୍ଳ ଦ୍ୱିତୀୟା ଯୁକ୍ତ ତୃତୀୟା ଶୁକ୍ରବାର, ରାହୁକାଳ ଦିବା ୧୦.୩୦ରୁ ୧୨.୦୦ ପର୍ଯ୍ୟନ୍ତ। ଅମୃତବେଳା ଦିବା ୭.୦୬ରୁ ୮.୪୫ ପର୍ଯ୍ୟନ୍ତ, ମାହେନ୍ଦ୍ରବେଳା ଦିବା ୧୦.୪୬ରୁ ୧୨.୨୬ ପର୍ଯ୍ୟନ୍ତ।
୨
